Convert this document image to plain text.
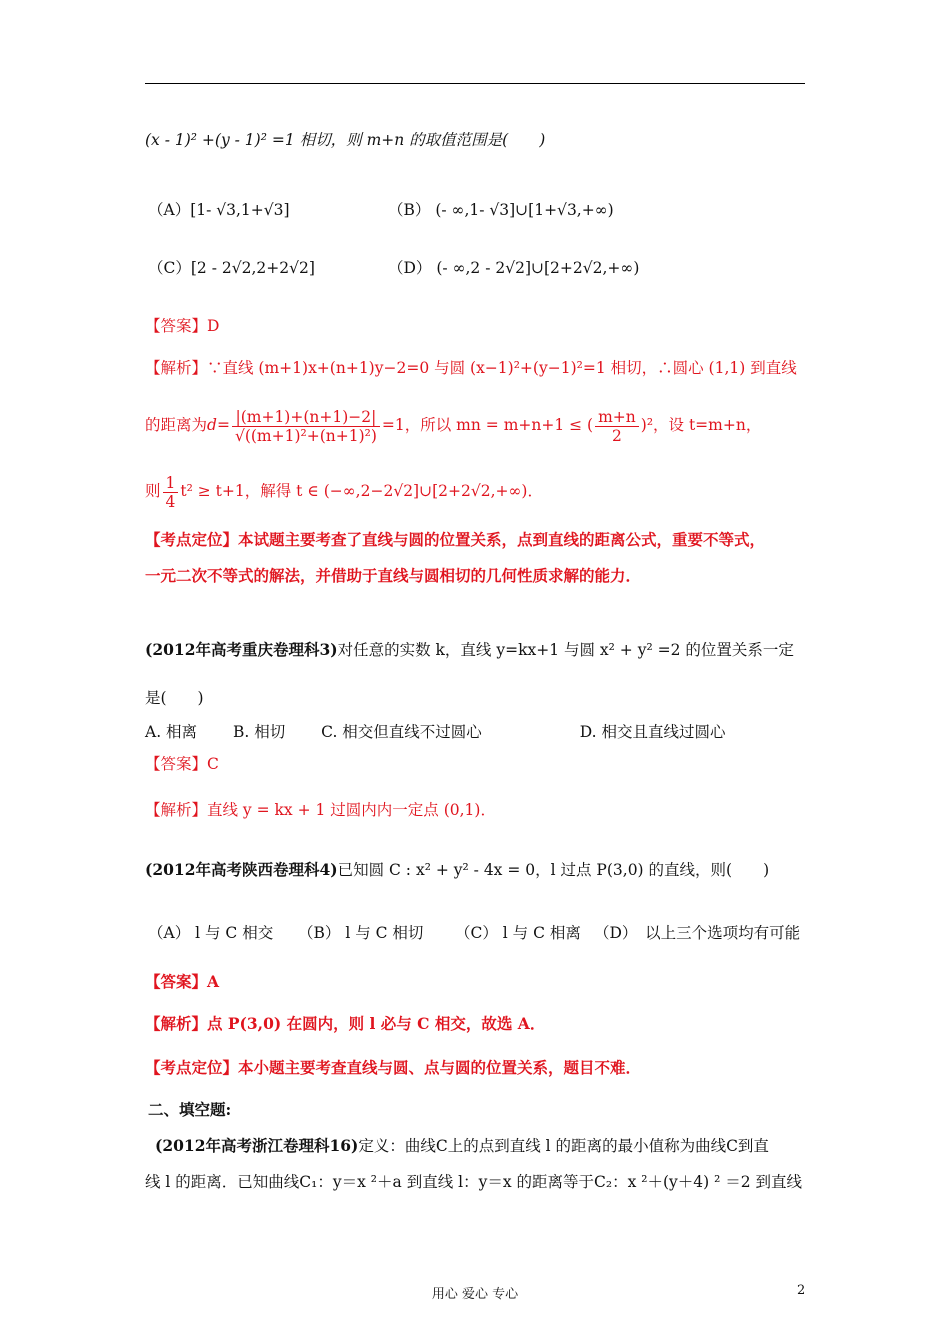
(x - 1)² +(y - 1)² =1 相切，则 m+n 的取值范围是(　　)
（A）[1- √3,1+√3]	（B） (- ∞,1- √3]∪[1+√3,+∞)
（C）[2 - 2√2,2+2√2]	（D） (- ∞,2 - 2√2]∪[2+2√2,+∞)
【答案】D
【解析】∵直线 (m+1)x+(n+1)y−2=0 与圆 (x−1)²+(y−1)²=1 相切，∴圆心 (1,1) 到直线
的距离为$d= \frac{|(m+1)+(n+1)-2|}{\text{√((m+1)²+(n+1)²)}} =1$，所以 mn = m+n+1 ≤ ( $\frac{m+n}{2} )^2$，设 t=m+n，
则 $\frac{1}{4} t^2 \ge t+1$，解得 t ∈ (−∞,2−2√2]∪[2+2√2,+∞)．
【考点定位】本试题主要考查了直线与圆的位置关系，点到直线的距离公式，重要不等式，
一元二次不等式的解法，并借助于直线与圆相切的几何性质求解的能力．
(2012年高考重庆卷理科3)对任意的实数 k，直线 y=kx+1 与圆 x² + y² =2 的位置关系一定
是(　　)
A. 相离　　 B. 相切　　 C. 相交但直线不过圆心　　　　　　 D. 相交且直线过圆心
【答案】C
【解析】直线 y = kx + 1 过圆内内一定点 (0,1)．
(2012年高考陕西卷理科4)已知圆 C : x² + y² - 4x = 0，l 过点 P(3,0) 的直线，则(　　)
（A） l 与 C 相交 （B） l 与 C 相切 （C） l 与 C 相离 （D）　以上三个选项均有可能
【答案】A
【解析】点 P(3,0) 在圆内，则 l 必与 C 相交，故选 A．
【考点定位】本小题主要考查直线与圆、点与圆的位置关系，题目不难．
二、填空题:
(2012年高考浙江卷理科16)定义：曲线C上的点到直线 l 的距离的最小值称为曲线C到直
线 l 的距离．已知曲线C₁：y＝x ²＋a 到直线 l：y＝x 的距离等于C₂：x ²＋(y＋4) ² ＝2 到直线
用心 爱心 专心	2
